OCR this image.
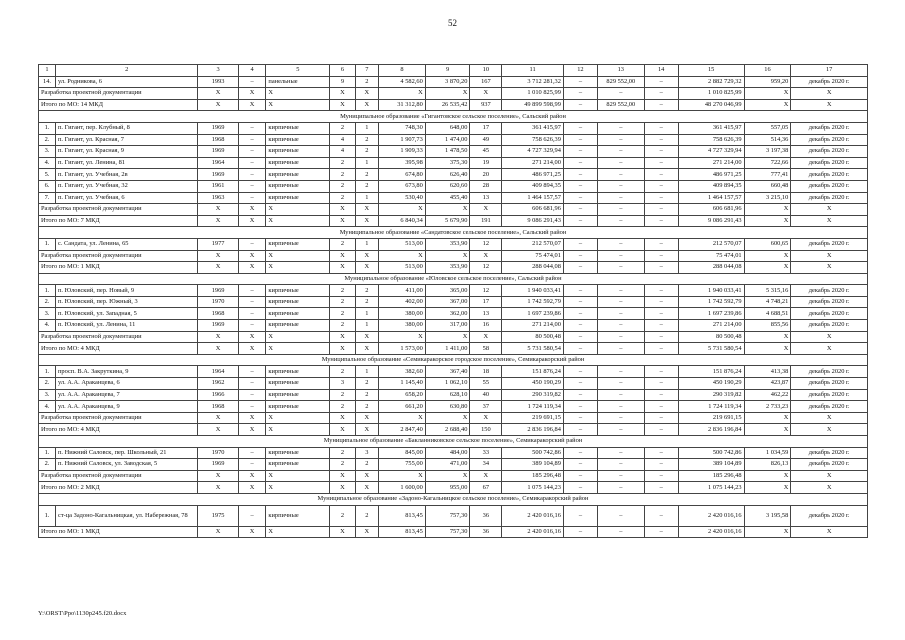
52
1	2	3	4	5	6	7	8	9	10	11	12	13	14	15	16	17
14.	ул. Родникова, 6	1993	–	панельные	9	2	4 582,60	3 870,20	167	3 712 281,32	–	829 552,00	–	2 882 729,32	959,20	декабрь 2020 г.
Разработка проектной документации		X	X	X	X	X	X	X	X	1 010 825,99	–	–	–	1 010 825,99	X	X
Итого по МО: 14 МКД		X	X	X	X	X	31 312,80	26 535,42	937	49 899 598,99	–	829 552,00	–	48 270 046,99	X	X
Муниципальное образование «Гигантовское сельское поселение», Сальский район																
1.	п. Гигант, пер. Клубный, 8	1969	–	кирпичные	2	1	748,30	648,00	17	361 415,97	–	–	–	361 415,97	557,05	декабрь 2020 г.
2.	п. Гигант, ул. Красная, 7	1968	–	кирпичные	4	2	1 907,73	1 474,00	49	758 626,39	–	–	–	758 626,39	514,36	декабрь 2020 г.
3.	п. Гигант, ул. Красная, 9	1969	–	кирпичные	4	2	1 909,33	1 478,50	45	4 727 329,94	–	–	–	4 727 329,94	3 197,38	декабрь 2020 г.
4.	п. Гигант, ул. Ленина, 81	1964	–	кирпичные	2	1	395,98	375,30	19	271 214,00	–	–	–	271 214,00	722,66	декабрь 2020 г.
5.	п. Гигант, ул. Учебная, 2в	1969	–	кирпичные	2	2	674,80	626,40	20	486 971,25	–	–	–	486 971,25	777,41	декабрь 2020 г.
6.	п. Гигант, ул. Учебная, 32	1961	–	кирпичные	2	2	673,80	620,60	28	409 894,35	–	–	–	409 894,35	660,48	декабрь 2020 г.
7.	п. Гигант, ул. Учебная, 6	1963	–	кирпичные	2	1	530,40	455,40	13	1 464 157,57	–	–	–	1 464 157,57	3 215,10	декабрь 2020 г.
Разработка проектной документации		X	X	X	X	X	X	X	X	606 681,96	–	–	–	606 681,96	X	X
Итого по МО: 7 МКД		X	X	X	X	X	6 840,34	5 679,90	191	9 086 291,43	–	–	–	9 086 291,43	X	X
Муниципальное образование «Сандатовское сельское поселение», Сальский район																
1.	с. Сандата, ул. Ленина, 65	1977	–	кирпичные	2	1	513,00	353,90	12	212 570,07	–	–	–	212 570,07	600,65	декабрь 2020 г.
Разработка проектной документации		X	X	X	X	X	X	X	X	75 474,01	–	–	–	75 474,01	X	X
Итого по МО: 1 МКД		X	X	X	X	X	513,00	353,90	12	288 044,08	–	–	–	288 044,08	X	X
Муниципальное образование «Юловское сельское поселение», Сальский район																
1.	п. Юловский, пер. Новый, 9	1969	–	кирпичные	2	2	411,00	365,00	12	1 940 033,41	–	–	–	1 940 033,41	5 315,16	декабрь 2020 г.
2.	п. Юловский, пер. Южный, 3	1970	–	кирпичные	2	2	402,00	367,00	17	1 742 592,79	–	–	–	1 742 592,79	4 748,21	декабрь 2020 г.
3.	п. Юловский, ул. Западная, 5	1968	–	кирпичные	2	1	380,00	362,00	13	1 697 239,86	–	–	–	1 697 239,86	4 688,51	декабрь 2020 г.
4.	п. Юловский, ул. Ленина, 11	1969	–	кирпичные	2	1	380,00	317,00	16	271 214,00	–	–	–	271 214,00	855,56	декабрь 2020 г.
Разработка проектной документации		X	X	X	X	X	X	X	X	80 500,48	–	–	–	80 500,48	X	X
Итого по МО: 4 МКД		X	X	X	X	X	1 573,00	1 411,00	58	5 731 580,54	–	–	–	5 731 580,54	X	X
Муниципальное образование «Семикаракорское городское поселение», Семикаракорский район																
1.	просп. В.А. Закруткина, 9	1964	–	кирпичные	2	1	382,60	367,40	18	151 876,24	–	–	–	151 876,24	413,38	декабрь 2020 г.
2.	ул. А.А. Араканцева, 6	1962	–	кирпичные	3	2	1 145,40	1 062,10	55	450 190,29	–	–	–	450 190,29	423,87	декабрь 2020 г.
3.	ул. А.А. Араканцева, 7	1966	–	кирпичные	2	2	658,20	628,10	40	290 319,82	–	–	–	290 319,82	462,22	декабрь 2020 г.
4.	ул. А.А. Араканцева, 9	1968	–	кирпичные	2	2	661,20	630,80	37	1 724 119,34	–	–	–	1 724 119,34	2 733,23	декабрь 2020 г.
Разработка проектной документации		X	X	X	X	X	X	X	X	219 691,15	–	–	–	219 691,15	X	X
Итого по МО: 4 МКД		X	X	X	X	X	2 847,40	2 688,40	150	2 836 196,84	–	–	–	2 836 196,84	X	X
Муниципальное образование «Бакланниковское сельское поселение», Семикаракорский район																
1.	п. Нижний Саловск, пер. Школьный, 21	1970	–	кирпичные	2	3	845,00	484,00	33	500 742,86	–	–	–	500 742,86	1 034,59	декабрь 2020 г.
2.	п. Нижний Саловск, ул. Заводская, 5	1969	–	кирпичные	2	2	755,00	471,00	34	389 104,89	–	–	–	389 104,89	826,13	декабрь 2020 г.
Разработка проектной документации		X	X	X	X	X	X	X	X	185 296,48	–	–	–	185 296,48	X	X
Итого по МО: 2 МКД		X	X	X	X	X	1 600,00	955,00	67	1 075 144,23	–	–	–	1 075 144,23	X	X
Муниципальное образование «Задоно-Кагальницкое сельское поселение», Семикаракорский район																
1.	ст-ца Задоно-Кагальницкая, ул. Набережная, 78	1975	–	кирпичные	2	2	813,45	757,30	36	2 420 016,16	–	–	–	2 420 016,16	3 195,58	декабрь 2020 г.
Итого по МО: 1 МКД		X	X	X	X	X	813,45	757,30	36	2 420 016,16	–	–	–	2 420 016,16	X	X
Y:\ORST\Ppo\1130p245.f20.docx
